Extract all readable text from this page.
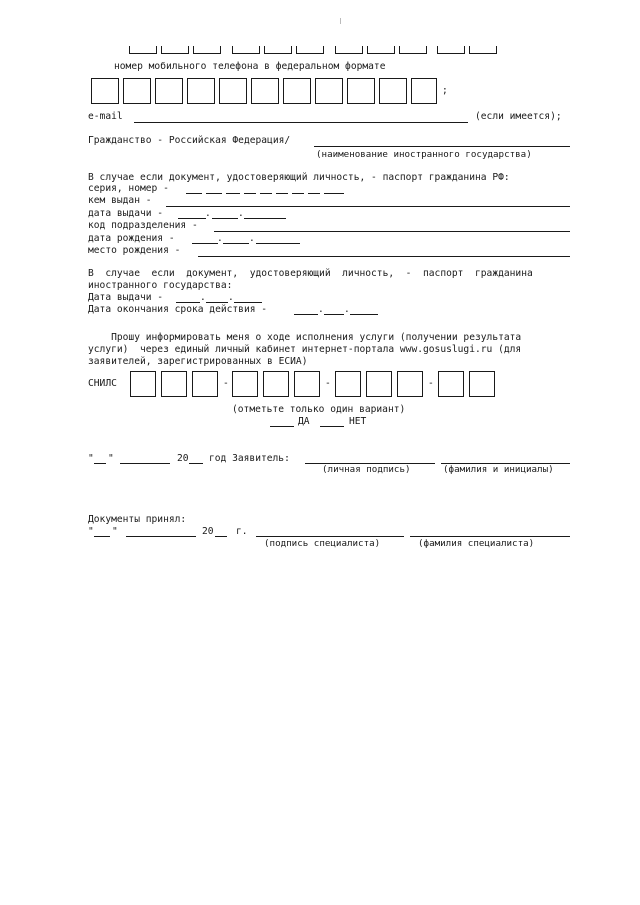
номер мобильного телефона в федеральном формате
;
e-mail	(если имеется);
Гражданство - Российская Федерация/
(наименование иностранного государства)
В случае если документ, удостоверяющий личность, - паспорт гражданина РФ:
серия, номер -
кем выдан -
дата выдачи -	.	.
код подразделения -
дата рождения -	.	.
место рождения -
В  случае  если  документ,  удостоверяющий  личность,  -  паспорт  гражданина
иностранного государства:
Дата выдачи -	. .
Дата окончания срока действия -	. .
Прошу информировать меня о ходе исполнения услуги (получении результата
услуги)  через единый личный кабинет интернет-портала www.gosuslugi.ru (для
заявителей, зарегистрированных в ЕСИА)
СНИЛС	-	-	-
(отметьте только один вариант)
ДА	НЕТ
" "	20 год Заявитель:
(личная подпись)	(фамилия и инициалы)
Документы принял:
" "	20 г.
(подпись специалиста)	(фамилия специалиста)
